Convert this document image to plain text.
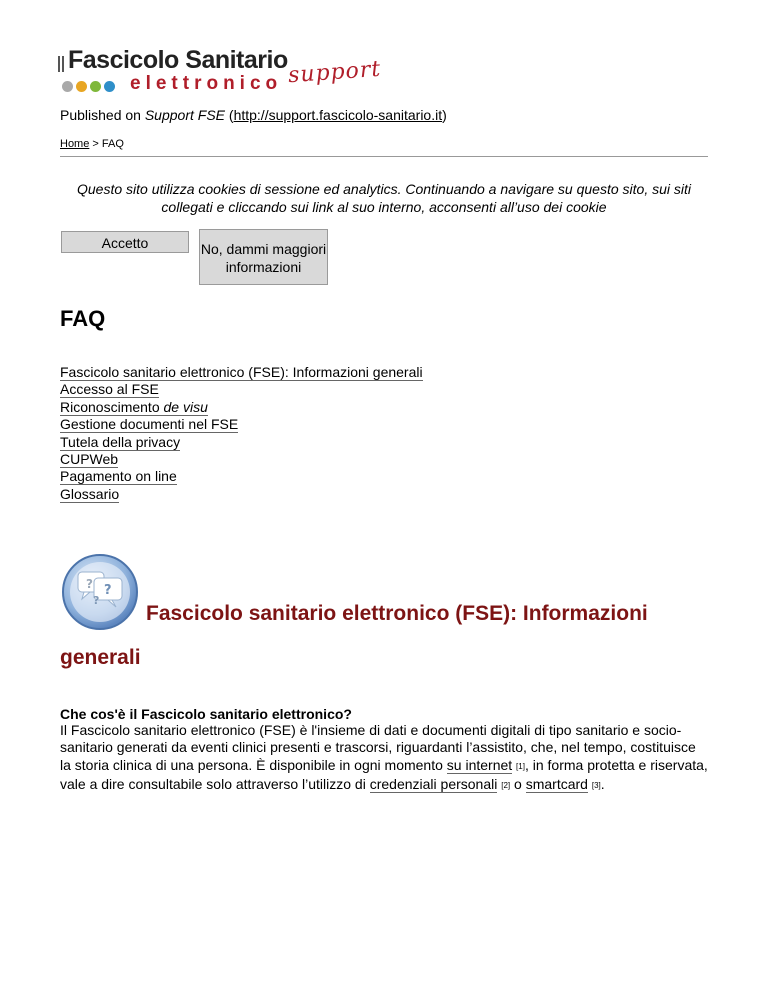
Fascicolo Sanitario
elettronico support
Published on Support FSE (http://support.fascicolo-sanitario.it)
Home > FAQ
Questo sito utilizza cookies di sessione ed analytics. Continuando a navigare su questo sito, sui siti collegati e cliccando sui link al suo interno, acconsenti all’uso dei cookie
Accetto	No, dammi maggiori informazioni
FAQ
Fascicolo sanitario elettronico (FSE): Informazioni generali
Accesso al FSE
Riconoscimento de visu
Gestione documenti nel FSE
Tutela della privacy
CUPWeb
Pagamento on line
Glossario
? ?
?
Fascicolo sanitario elettronico (FSE): Informazioni generali
Che cos'è il Fascicolo sanitario elettronico?

Il Fascicolo sanitario elettronico (FSE) è l'insieme di dati e documenti digitali di tipo sanitario e socio-sanitario generati da eventi clinici presenti e trascorsi, riguardanti l’assistito, che, nel tempo, costituisce la storia clinica di una persona. È disponibile in ogni momento su internet [1], in forma protetta e riservata, vale a dire consultabile solo attraverso l’utilizzo di credenziali personali [2] o smartcard [3].
